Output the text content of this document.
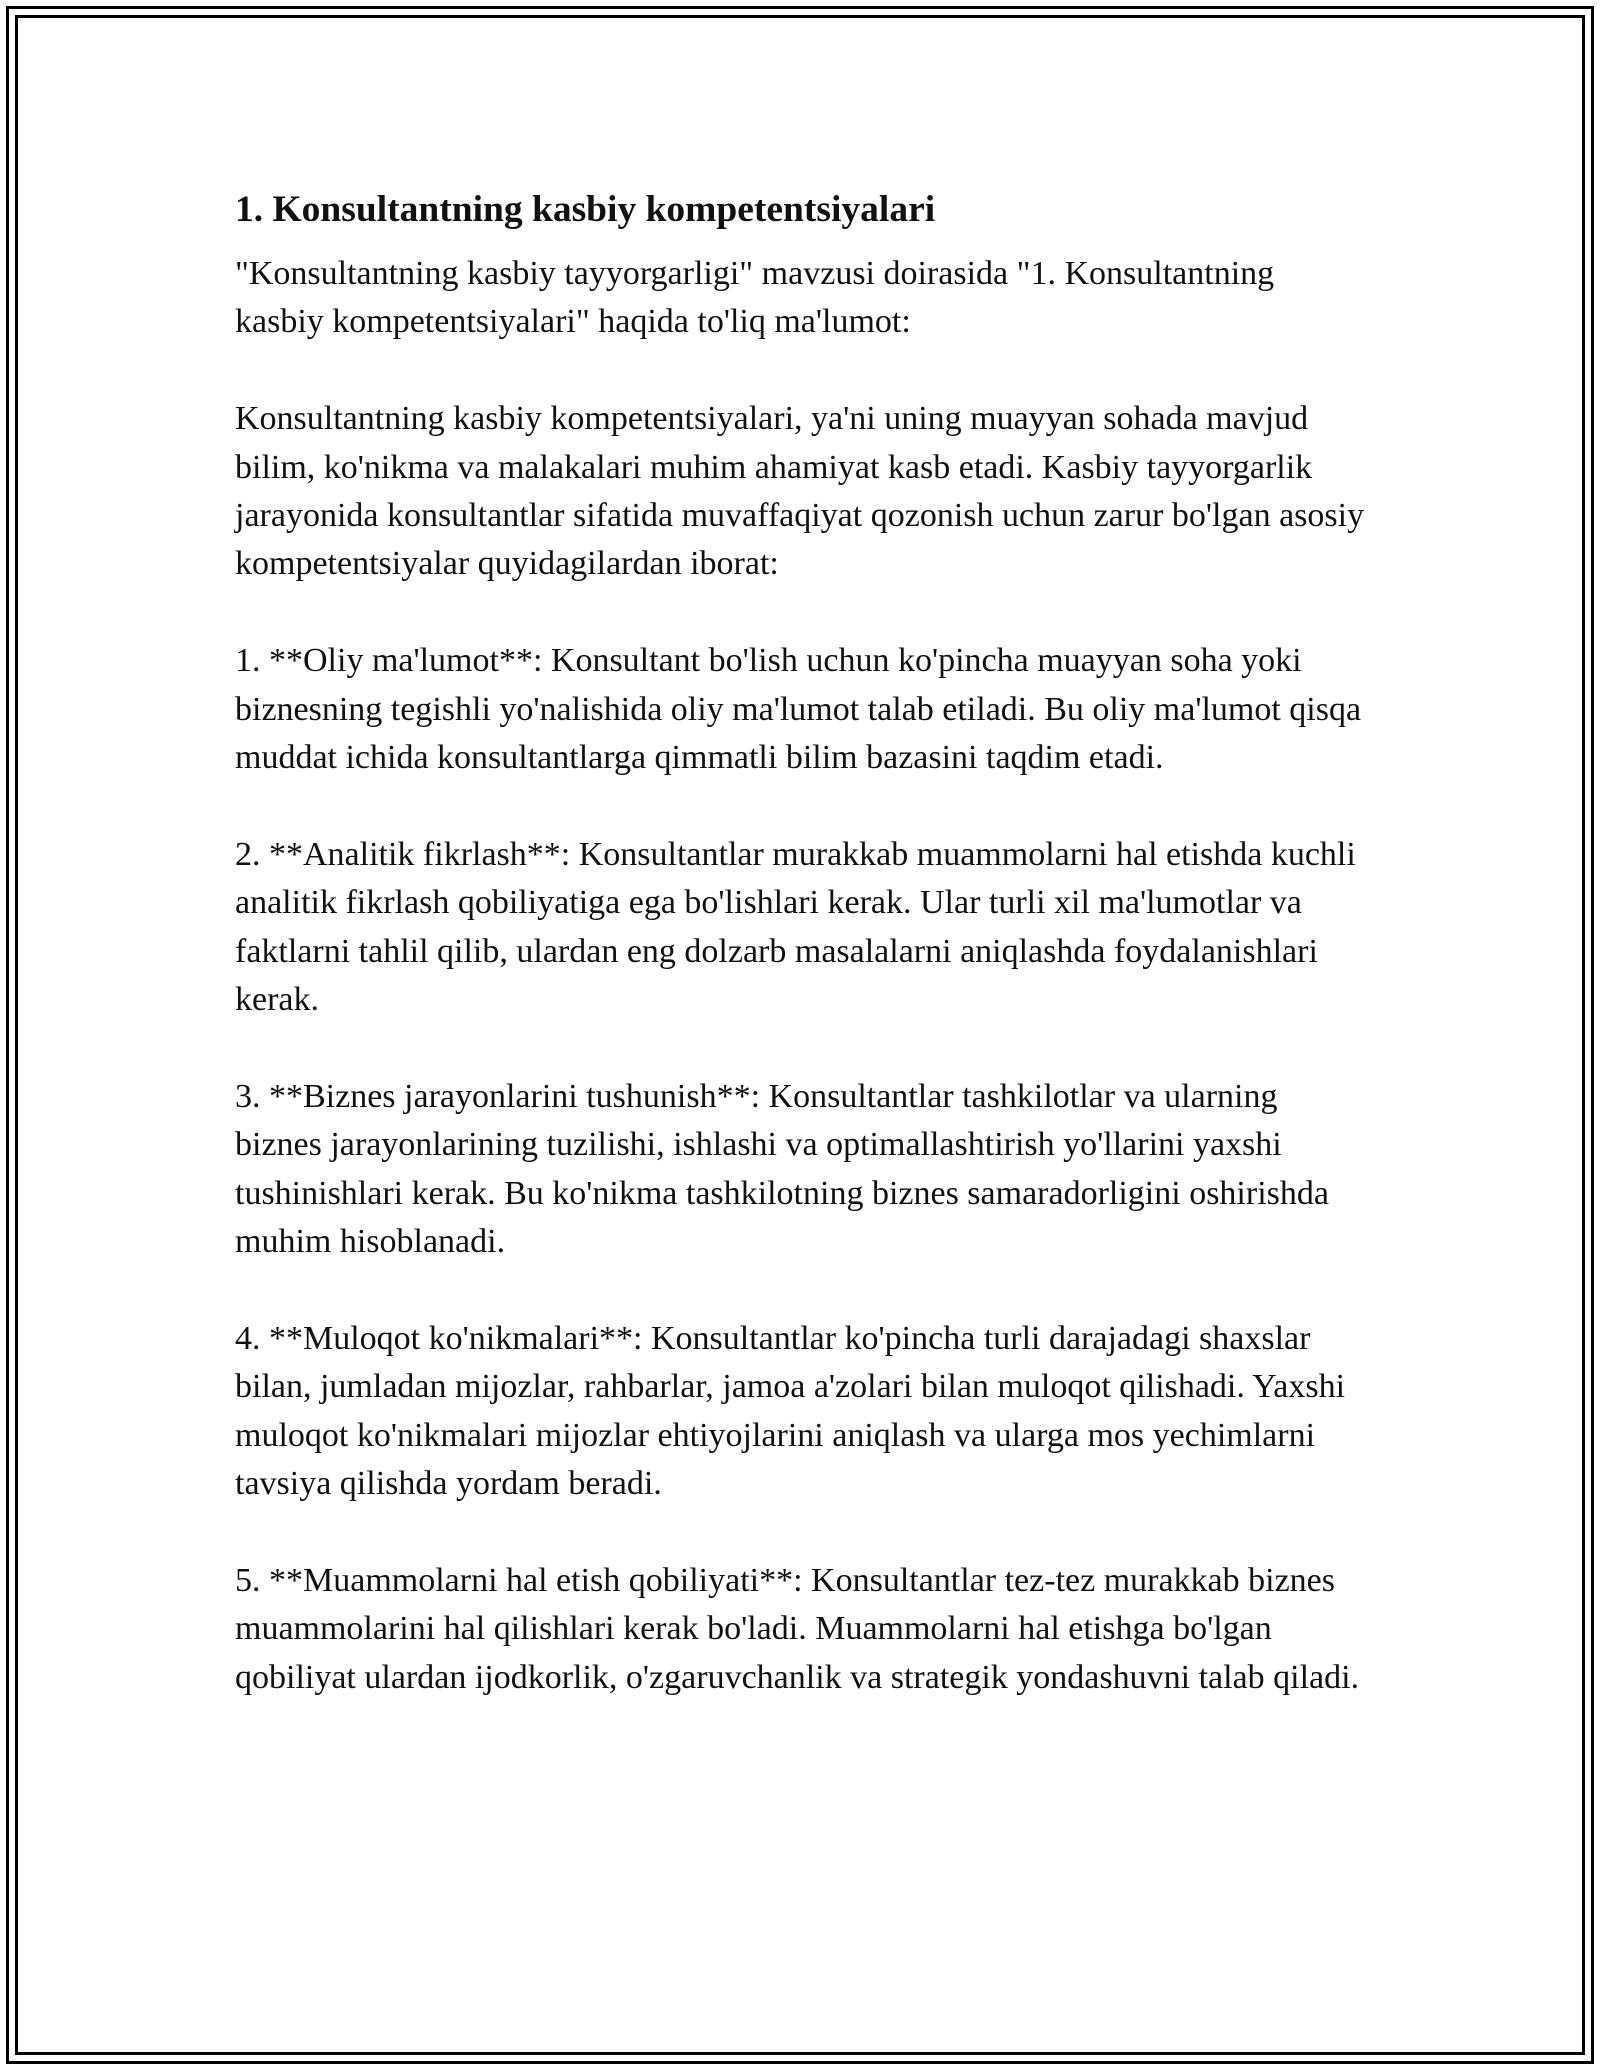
1. Konsultantning kasbiy kompetentsiyalari

"Konsultantning kasbiy tayyorgarligi" mavzusi doirasida "1. Konsultantning kasbiy kompetentsiyalari" haqida to'liq ma'lumot:

Konsultantning kasbiy kompetentsiyalari, ya'ni uning muayyan sohada mavjud bilim, ko'nikma va malakalari muhim ahamiyat kasb etadi. Kasbiy tayyorgarlik jarayonida konsultantlar sifatida muvaffaqiyat qozonish uchun zarur bo'lgan asosiy kompetentsiyalar quyidagilardan iborat:

1. **Oliy ma'lumot**: Konsultant bo'lish uchun ko'pincha muayyan soha yoki biznesning tegishli yo'nalishida oliy ma'lumot talab etiladi. Bu oliy ma'lumot qisqa muddat ichida konsultantlarga qimmatli bilim bazasini taqdim etadi.

2. **Analitik fikrlash**: Konsultantlar murakkab muammolarni hal etishda kuchli analitik fikrlash qobiliyatiga ega bo'lishlari kerak. Ular turli xil ma'lumotlar va faktlarni tahlil qilib, ulardan eng dolzarb masalalarni aniqlashda foydalanishlari kerak.

3. **Biznes jarayonlarini tushunish**: Konsultantlar tashkilotlar va ularning biznes jarayonlarining tuzilishi, ishlashi va optimallashtirish yo'llarini yaxshi tushinishlari kerak. Bu ko'nikma tashkilotning biznes samaradorligini oshirishda muhim hisoblanadi.

4. **Muloqot ko'nikmalari**: Konsultantlar ko'pincha turli darajadagi shaxslar bilan, jumladan mijozlar, rahbarlar, jamoa a'zolari bilan muloqot qilishadi. Yaxshi muloqot ko'nikmalari mijozlar ehtiyojlarini aniqlash va ularga mos yechimlarni tavsiya qilishda yordam beradi.

5. **Muammolarni hal etish qobiliyati**: Konsultantlar tez-tez murakkab biznes muammolarini hal qilishlari kerak bo'ladi. Muammolarni hal etishga bo'lgan qobiliyat ulardan ijodkorlik, o'zgaruvchanlik va strategik yondashuvni talab qiladi.
